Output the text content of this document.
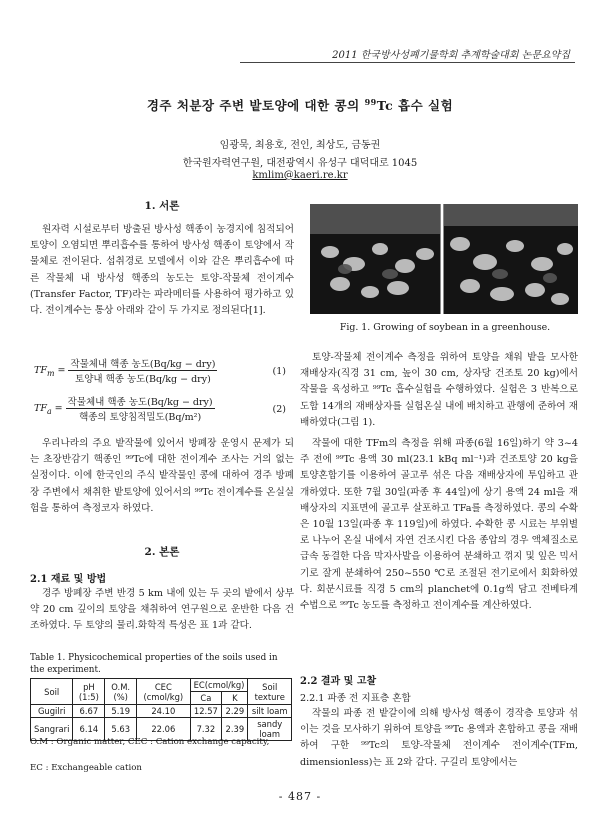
2011 한국방사성폐기물학회 추계학술대회 논문요약집
경주 처분장 주변 밭토양에 대한 콩의 $^{99}$Tc 흡수 실험
임광묵, 최용호, 전인, 최상도, 금동권
한국원자력연구원, 대전광역시 유성구 대덕대로 1045
kmlim@kaeri.re.kr
1. 서론
원자력 시설로부터 방출된 방사성 핵종이 농경지에 침적되어 토양이 오염되면 뿌리흡수를 통하여 방사성 핵종이 토양에서 작물체로 전이된다. 섭취경로 모델에서 이와 같은 뿌리흡수에 따른 작물체 내 방사성 핵종의 농도는 토양-작물체 전이계수(Transfer Factor, TF)라는 파라메터를 사용하여 평가하고 있다. 전이계수는 통상 아래와 같이 두 가지로 정의된다[1].
$TF_m = \frac{\text{작물체내 핵종 농도(Bq/kg − dry)}}{\text{토양내 핵종 농도(Bq/kg − dry)}}$	(1)
$TF_a = \frac{\text{작물체내 핵종 농도(Bq/kg − dry)}}{\text{핵종의 토양침적밀도(Bq/m²)}}$	(2)
우리나라의 주요 밭작물에 있어서 방폐장 운영시 문제가 되는 초장반감기 핵종인 ⁹⁹Tc에 대한 전이계수 조사는 거의 없는 실정이다. 이에 한국인의 주식 밭작물인 콩에 대하여 경주 방폐장 주변에서 채취한 밭토양에 있어서의 ⁹⁹Tc 전이계수를 온실실험을 통하여 측정코자 하였다.
2. 본론
2.1 재료 및 방법
경주 방폐장 주변 반경 5 km 내에 있는 두 곳의 밭에서 상부 약 20 cm 깊이의 토양을 채취하여 연구원으로 운반한 다음 건조하였다. 두 토양의 물리.화학적 특성은 표 1과 같다.
Table 1. Physicochemical properties of the soils used in the experiment.
Soil	pH (1:5)	O.M. (%)	CEC (cmol/kg)	EC(cmol/kg)		Soil texture
				Ca	K	
Gugilri	6.67	5.19	24.10	12.57	2.29	silt loam
Sangrari	6.14	5.63	22.06	7.32	2.39	sandy loam
O.M : Organic matter, CEC : Cation exchange capacity,
EC : Exchangeable cation
Fig. 1. Growing of soybean in a greenhouse.
토양-작물체 전이계수 측정을 위하여 토양을 채워 밭을 모사한 재배상자(직경 31 cm, 높이 30 cm, 상자당 건조토 20 kg)에서 작물을 육성하고 ⁹⁹Tc 흡수실험을 수행하였다. 실험은 3 반복으로 도합 14개의 재배상자를 실험온실 내에 배치하고 관행에 준하여 재배하였다(그림 1).
작물에 대한 TFm의 측정을 위해 파종(6월 16일)하기 약 3~4주 전에 ⁹⁹Tc 용액 30 ml(23.1 kBq ml⁻¹)과 건조토양 20 kg을 토양혼합기를 이용하여 골고루 섞은 다음 재배상자에 투입하고 관개하였다. 또한 7월 30일(파종 후 44일)에 상기 용액 24 ml을 재배상자의 지표면에 골고루 살포하고 TFa를 측정하였다. 콩의 수확은 10월 13일(파종 후 119일)에 하였다. 수확한 콩 시료는 부위별로 나누어 온실 내에서 자연 건조시킨 다음 종압의 경우 액체질소로 급속 동결한 다음 막자사발을 이용하여 분쇄하고 꺾지 및 잎은 믹서기로 잘게 분쇄하여 250~550 ℃로 조절된 전기로에서 회화하였다. 회분시료를 직경 5 cm의 planchet에 0.1g씩 담고 전베타계수법으로 ⁹⁹Tc 농도를 측정하고 전이계수를 계산하였다.
2.2 결과 및 고찰
2.2.1 파종 전 지표층 혼합
작물의 파종 전 밭갈이에 의해 방사성 핵종이 경작층 토양과 섞이는 것을 모사하기 위하여 토양을 ⁹⁹Tc 용액과 혼합하고 콩을 재배하여 구한 ⁹⁹Tc의 토양-작물체 전이계수 전이계수(TFm, dimensionless)는 표 2와 같다. 구길리 토양에서는
- 487 -
